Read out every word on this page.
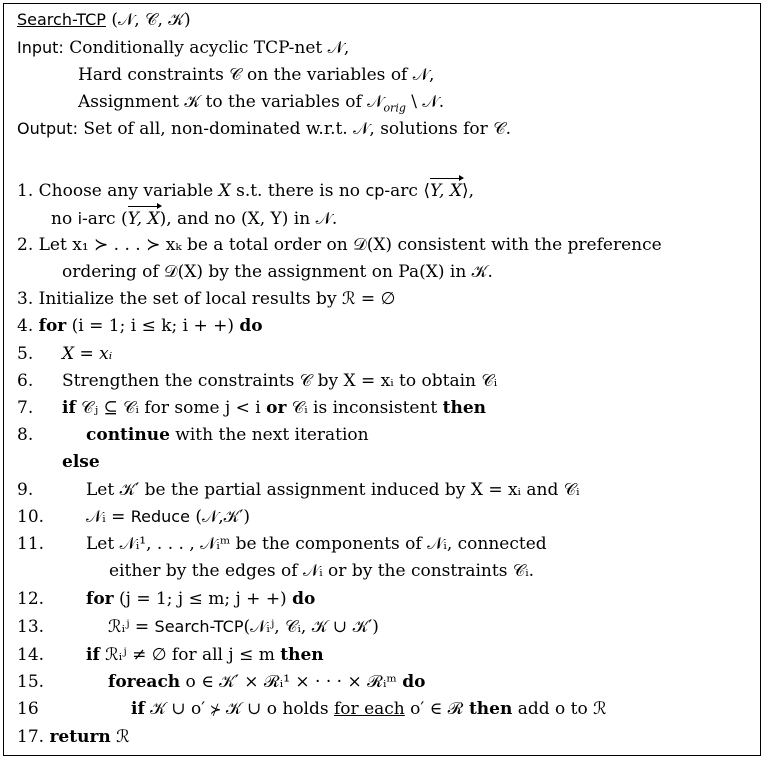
Search-TCP (𝒩, 𝒞, 𝒦)
Input: Conditionally acyclic TCP-net 𝒩,
Hard constraints 𝒞 on the variables of 𝒩,
Assignment 𝒦 to the variables of 𝒩$_{orig}$ \ 𝒩.
Output: Set of all, non-dominated w.r.t. 𝒩, solutions for 𝒞.
1. Choose any variable X s.t. there is no cp-arc ⟨Y, X⟩,
no i-arc (Y, X), and no (X, Y) in 𝒩.
2. Let x₁ ≻ . . . ≻ xₖ be a total order on 𝒟(X) consistent with the preference
ordering of 𝒟(X) by the assignment on Pa(X) in 𝒦.
3. Initialize the set of local results by ℛ = ∅
4. for (i = 1; i ≤ k; i + +) do
5. X = xᵢ
6. Strengthen the constraints 𝒞 by X = xᵢ to obtain 𝒞ᵢ
7. if 𝒞ⱼ ⊆ 𝒞ᵢ for some j < i or 𝒞ᵢ is inconsistent then
8.	continue with the next iteration
else
9.	Let 𝒦′ be the partial assignment induced by X = xᵢ and 𝒞ᵢ
10. 𝒩ᵢ = Reduce (𝒩,𝒦′)
11. Let 𝒩ᵢ¹, . . . , 𝒩ᵢᵐ be the components of 𝒩ᵢ, connected
either by the edges of 𝒩ᵢ or by the constraints 𝒞ᵢ.
12. for (j = 1; j ≤ m; j + +) do
13.	ℛᵢʲ = Search-TCP(𝒩ᵢʲ, 𝒞ᵢ, 𝒦 ∪ 𝒦′)
14. if ℛᵢʲ ≠ ∅ for all j ≤ m then
15.	foreach o ∈ 𝒦′ × ℛᵢ¹ × · · · × ℛᵢᵐ do
16	if 𝒦 ∪ o′ ⊁ 𝒦 ∪ o holds for each o′ ∈ ℛ then add o to ℛ
17. return ℛ
